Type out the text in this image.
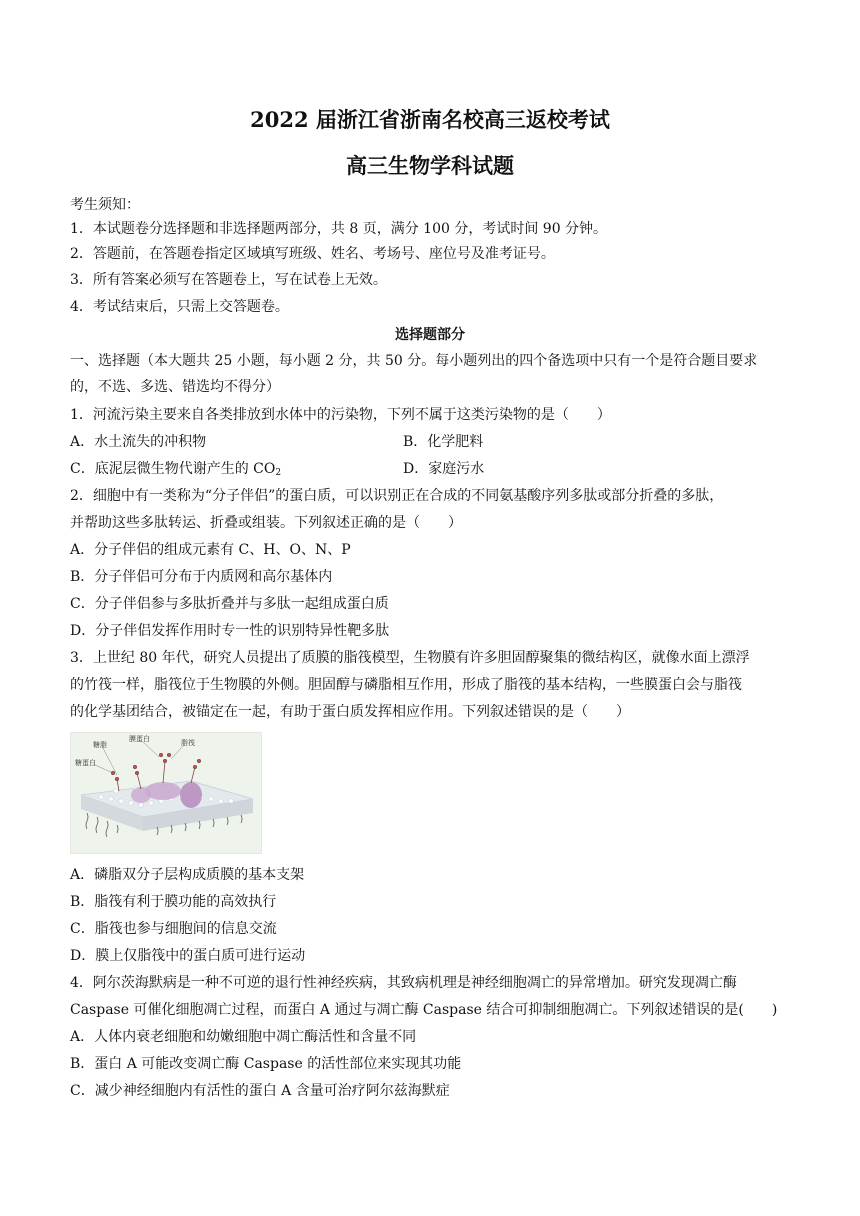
2022 届浙江省浙南名校高三返校考试
高三生物学科试题
考生须知：
1．本试题卷分选择题和非选择题两部分，共 8 页，满分 100 分，考试时间 90 分钟。
2．答题前，在答题卷指定区域填写班级、姓名、考场号、座位号及准考证号。
3．所有答案必须写在答题卷上，写在试卷上无效。
4．考试结束后，只需上交答题卷。
选择题部分
一、选择题（本大题共 25 小题，每小题 2 分，共 50 分。每小题列出的四个备选项中只有一个是符合题目要求
的，不选、多选、错选均不得分）
1．河流污染主要来自各类排放到水体中的污染物，下列不属于这类污染物的是（　　）
A．水土流失的冲积物	B．化学肥料
C．底泥层微生物代谢产生的 $CO_2$	D．家庭污水
2．细胞中有一类称为“分子伴侣”的蛋白质，可以识别正在合成的不同氨基酸序列多肽或部分折叠的多肽，
并帮助这些多肽转运、折叠或组装。下列叙述正确的是（　　）
A．分子伴侣的组成元素有 C、H、O、N、P
B．分子伴侣可分布于内质网和高尔基体内
C．分子伴侣参与多肽折叠并与多肽一起组成蛋白质
D．分子伴侣发挥作用时专一性的识别特异性靶多肽
3．上世纪 80 年代，研究人员提出了质膜的脂筏模型，生物膜有许多胆固醇聚集的微结构区，就像水面上漂浮
的竹筏一样，脂筏位于生物膜的外侧。胆固醇与磷脂相互作用，形成了脂筏的基本结构，一些膜蛋白会与脂筏
的化学基团结合，被锚定在一起，有助于蛋白质发挥相应作用。下列叙述错误的是（　　）
糖脂
膜蛋白	脂筏
糖蛋白
A．磷脂双分子层构成质膜的基本支架
B．脂筏有利于膜功能的高效执行
C．脂筏也参与细胞间的信息交流
D．膜上仅脂筏中的蛋白质可进行运动
4．阿尔茨海默病是一种不可逆的退行性神经疾病，其致病机理是神经细胞凋亡的异常增加。研究发现凋亡酶
Caspase 可催化细胞凋亡过程，而蛋白 A 通过与凋亡酶 Caspase 结合可抑制细胞凋亡。下列叙述错误的是(　　)
A．人体内衰老细胞和幼嫩细胞中凋亡酶活性和含量不同
B．蛋白 A 可能改变凋亡酶 Caspase 的活性部位来实现其功能
C．减少神经细胞内有活性的蛋白 A 含量可治疗阿尔兹海默症
